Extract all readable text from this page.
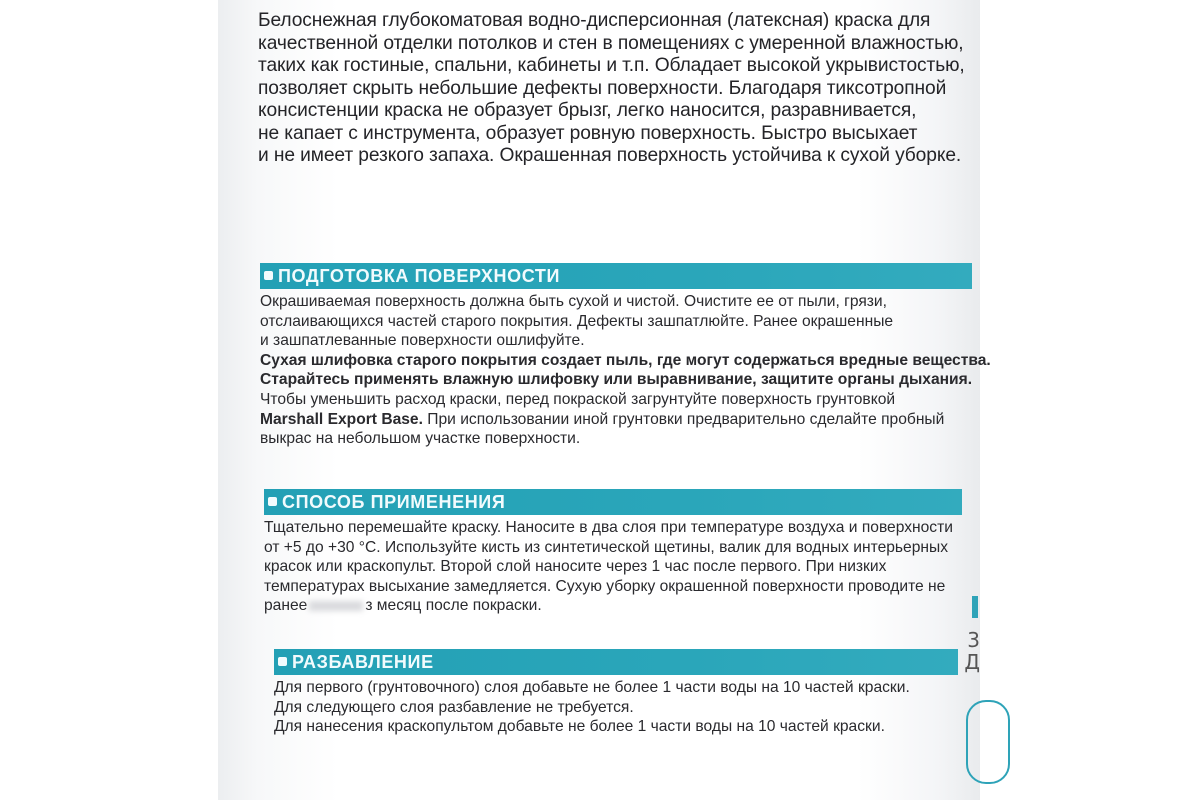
3
Д
Белоснежная глубокоматовая водно-дисперсионная (латексная) краска для
качественной отделки потолков и стен в помещениях с умеренной влажностью,
таких как гостиные, спальни, кабинеты и т.п. Обладает высокой укрывистостью,
позволяет скрыть небольшие дефекты поверхности. Благодаря тиксотропной
консистенции краска не образует брызг, легко наносится, разравнивается,
не капает с инструмента, образует ровную поверхность. Быстро высыхает
и не имеет резкого запаха. Окрашенная поверхность устойчива к сухой уборке.
ПОДГОТОВКА ПОВЕРХНОСТИ
Окрашиваемая поверхность должна быть сухой и чистой. Очистите ее от пыли, грязи,
отслаивающихся частей старого покрытия. Дефекты зашпатлюйте. Ранее окрашенные
и зашпатлеванные поверхности ошлифуйте.
Сухая шлифовка старого покрытия создает пыль, где могут содержаться вредные вещества.
Старайтесь применять влажную шлифовку или выравнивание, защитите органы дыхания.
Чтобы уменьшить расход краски, перед покраской загрунтуйте поверхность грунтовкой
Marshall Export Base. При использовании иной грунтовки предварительно сделайте пробный
выкрас на небольшом участке поверхности.
СПОСОБ ПРИМЕНЕНИЯ
Тщательно перемешайте краску. Наносите в два слоя при температуре воздуха и поверхности
от +5 до +30 °С. Используйте кисть из синтетической щетины, валик для водных интерьерных
красок или краскопульт. Второй слой наносите через 1 час после первого. При низких
температурах высыхание замедляется. Сухую уборку окрашенной поверхности проводите не
ранее	з месяц после покраски.
РАЗБАВЛЕНИЕ
Для первого (грунтовочного) слоя добавьте не более 1 части воды на 10 частей краски.
Для следующего слоя разбавление не требуется.
Для нанесения краскопультом добавьте не более 1 части воды на 10 частей краски.
